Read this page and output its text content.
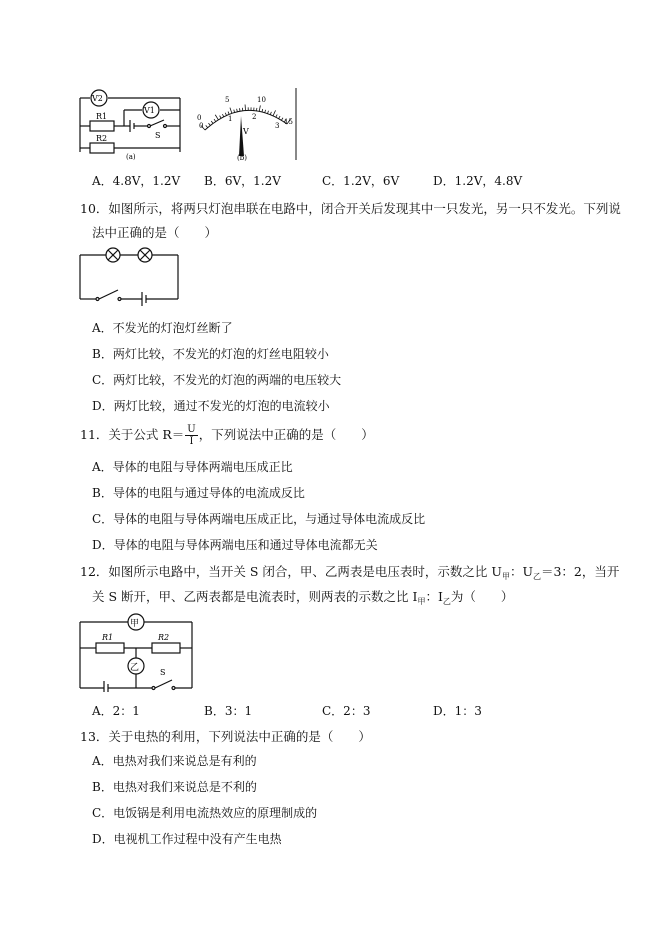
V2
V1
R1
R2	S
(a)
0
1	2
3
0
5	10
15
V
(b)
A．4.8V，1.2V B．6V，1.2V	C．1.2V，6V	D．1.2V，4.8V
10．如图所示，将两只灯泡串联在电路中，闭合开关后发现其中一只发光，另一只不发光。下列说
法中正确的是（　　）
A．不发光的灯泡灯丝断了
B．两灯比较，不发光的灯泡的灯丝电阻较小
C．两灯比较，不发光的灯泡的两端的电压较大
D．两灯比较，通过不发光的灯泡的电流较小
11．关于公式 $R= \frac{U}{I}$ ，下列说法中正确的是（　　）
A．导体的电阻与导体两端电压成正比
B．导体的电阻与通过导体的电流成反比
C．导体的电阻与导体两端电压成正比，与通过导体电流成反比
D．导体的电阻与导体两端电压和通过导体电流都无关
12．如图所示电路中，当开关 S 闭合，甲、乙两表是电压表时，示数之比 $U_甲$：$U_乙=3$：2，当开
关 S 断开，甲、乙两表都是电流表时，则两表的示数之比 $I_甲$：$I_乙$为（　　）
甲
乙
R1	R2
S
A．2：1	B．3：1	C．2：3	D．1：3
13．关于电热的利用，下列说法中正确的是（　　）
A．电热对我们来说总是有利的
B．电热对我们来说总是不利的
C．电饭锅是利用电流热效应的原理制成的
D．电视机工作过程中没有产生电热
